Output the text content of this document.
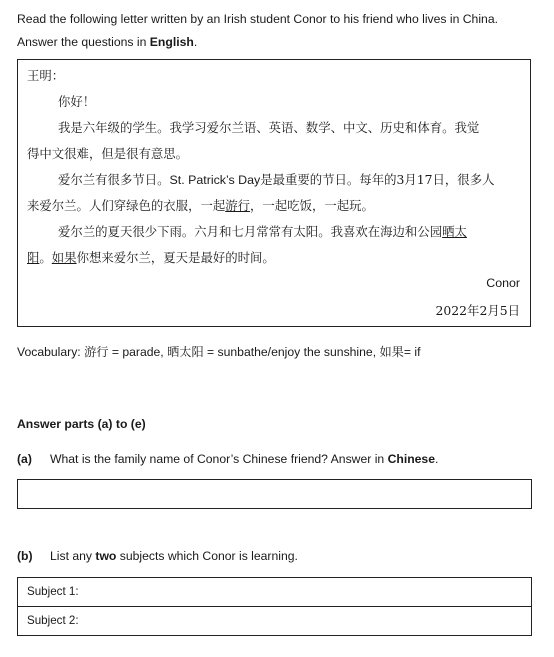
Read the following letter written by an Irish student Conor to his friend who lives in China.
Answer the questions in English.
王明：
你好！
我是六年级的学生。我学习爱尔兰语、英语、数学、中文、历史和体育。我觉
得中文很难，但是很有意思。
爱尔兰有很多节日。St. Patrick’s Day是最重要的节日。每年的3月17日，很多人
来爱尔兰。人们穿绿色的衣服，一起游行，一起吃饭，一起玩。
爱尔兰的夏天很少下雨。六月和七月常常有太阳。我喜欢在海边和公园晒太
阳。如果你想来爱尔兰，夏天是最好的时间。
Conor
2022年2月5日
Vocabulary: 游行 = parade, 晒太阳 = sunbathe/enjoy the sunshine, 如果= if
Answer parts (a) to (e)
(a) What is the family name of Conor’s Chinese friend? Answer in Chinese.
(b) List any two subjects which Conor is learning.
Subject 1:
Subject 2:
